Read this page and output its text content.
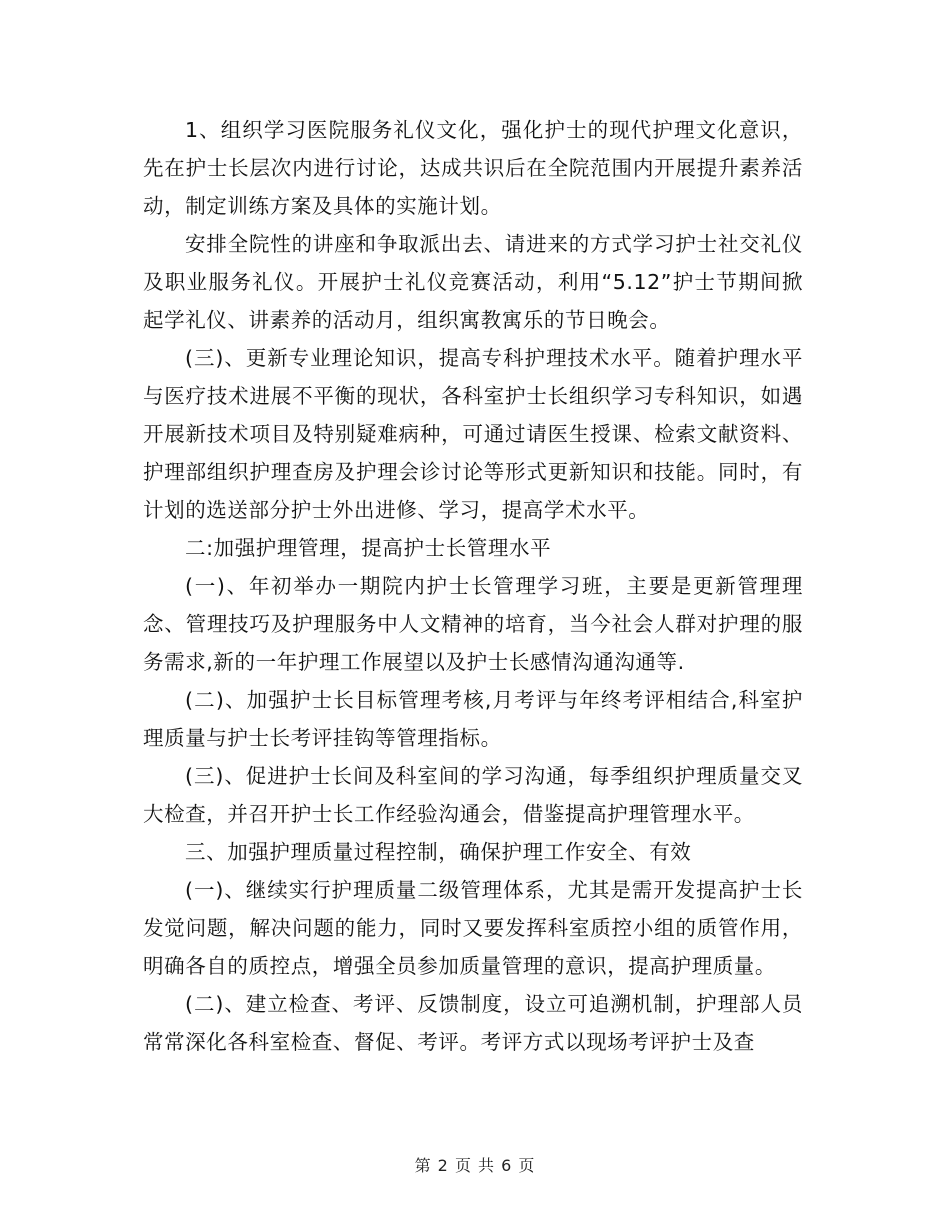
1、组织学习医院服务礼仪文化，强化护士的现代护理文化意识，先在护士长层次内进行讨论，达成共识后在全院范围内开展提升素养活动，制定训练方案及具体的实施计划。

安排全院性的讲座和争取派出去、请进来的方式学习护士社交礼仪及职业服务礼仪。开展护士礼仪竞赛活动，利用“5.12”护士节期间掀起学礼仪、讲素养的活动月，组织寓教寓乐的节日晚会。

(三)、更新专业理论知识，提高专科护理技术水平。随着护理水平与医疗技术进展不平衡的现状，各科室护士长组织学习专科知识，如遇开展新技术项目及特别疑难病种，可通过请医生授课、检索文献资料、护理部组织护理查房及护理会诊讨论等形式更新知识和技能。同时，有计划的选送部分护士外出进修、学习，提高学术水平。

二:加强护理管理，提高护士长管理水平

(一)、年初举办一期院内护士长管理学习班，主要是更新管理理念、管理技巧及护理服务中人文精神的培育，当今社会人群对护理的服务需求,新的一年护理工作展望以及护士长感情沟通沟通等.

(二)、加强护士长目标管理考核,月考评与年终考评相结合,科室护理质量与护士长考评挂钩等管理指标。

(三)、促进护士长间及科室间的学习沟通，每季组织护理质量交叉大检查，并召开护士长工作经验沟通会，借鉴提高护理管理水平。

三、加强护理质量过程控制，确保护理工作安全、有效

(一)、继续实行护理质量二级管理体系，尤其是需开发提高护士长发觉问题，解决问题的能力，同时又要发挥科室质控小组的质管作用，明确各自的质控点，增强全员参加质量管理的意识，提高护理质量。

(二)、建立检查、考评、反馈制度，设立可追溯机制，护理部人员常常深化各科室检查、督促、考评。考评方式以现场考评护士及查

第 2 页 共 6 页
